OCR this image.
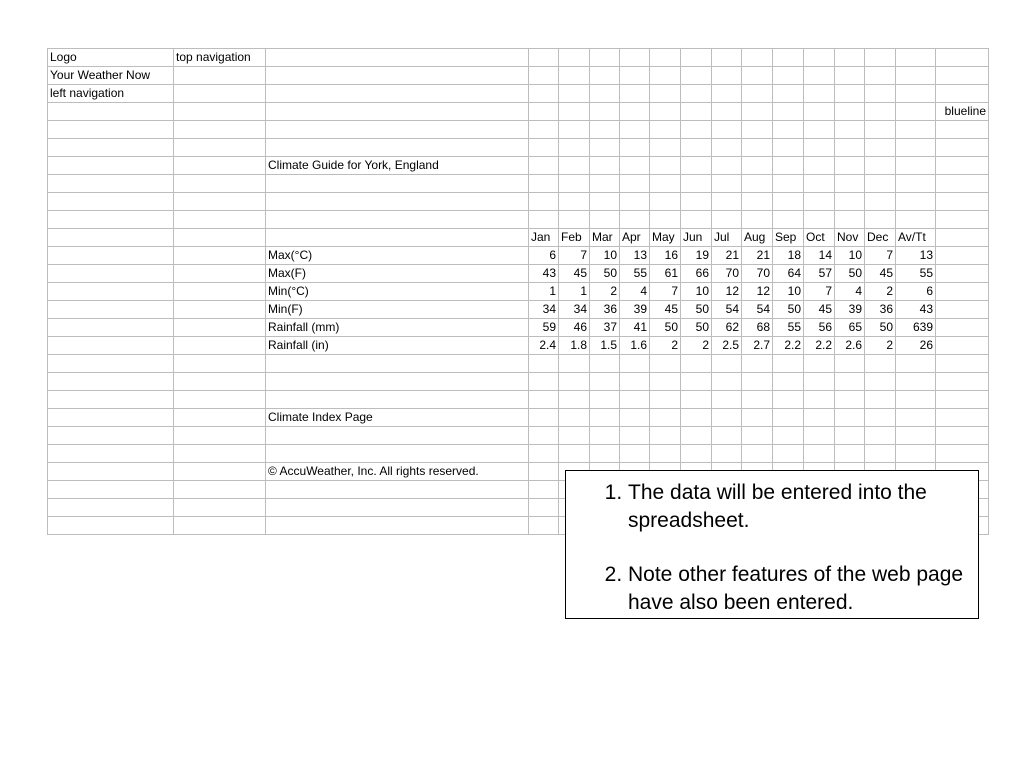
Logo	top navigation															
Your Weather Now																
left navigation																
																blueline

		Climate Guide for York, England														

			Jan	Feb	Mar	Apr	May	Jun	Jul	Aug	Sep	Oct	Nov	Dec	Av/Tt	
		Max(°C)	6	7	10	13	16	19	21	21	18	14	10	7	13	
		Max(F)	43	45	50	55	61	66	70	70	64	57	50	45	55	
		Min(°C)	1	1	2	4	7	10	12	12	10	7	4	2	6	
		Min(F)	34	34	36	39	45	50	54	54	50	45	39	36	43	
		Rainfall (mm)	59	46	37	41	50	50	62	68	55	56	65	50	639	
		Rainfall (in)	2.4	1.8	1.5	1.6	2	2	2.5	2.7	2.2	2.2	2.6	2	26	

		Climate Index Page														

		© AccuWeather, Inc. All rights reserved.														

1. The data will be entered into the spreadsheet.
2. Note other features of the web page have also been entered.
